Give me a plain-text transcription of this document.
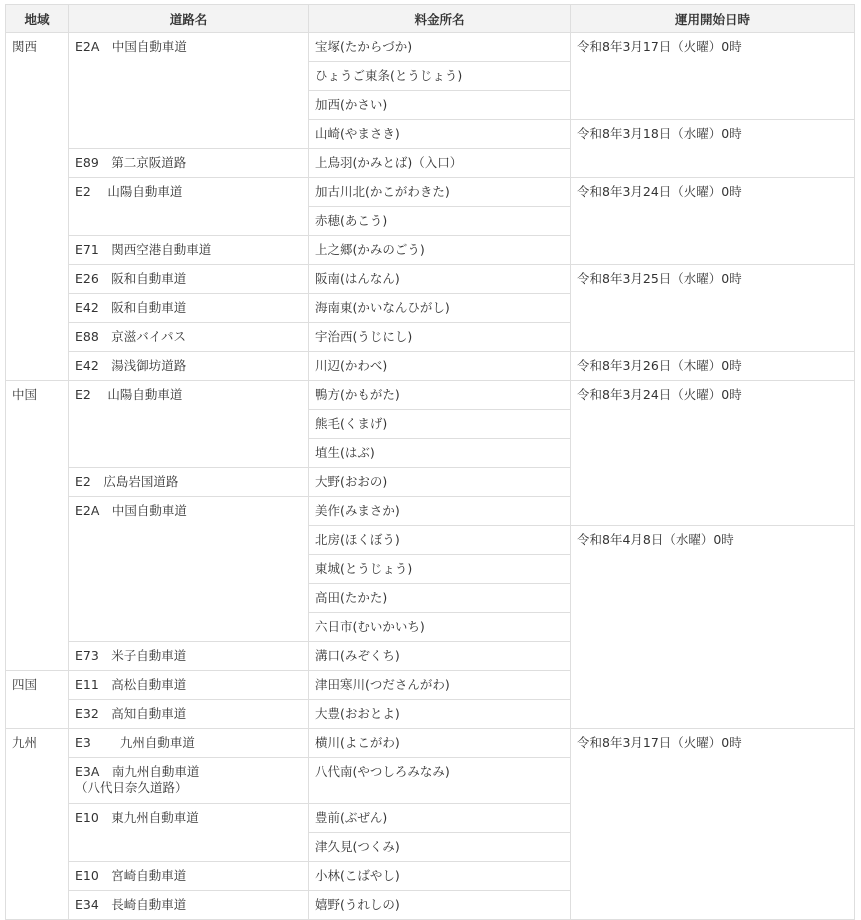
地域	道路名	料金所名	運用開始日時
関西	E2A　中国自動車道	宝塚(たからづか)	令和8年3月17日（火曜）0時
		ひょうご東条(とうじょう)	
		加西(かさい)	
		山崎(やまさき)	令和8年3月18日（水曜）0時

	E89　第二京阪道路	上鳥羽(かみとば)（入口）	

	E2　 山陽自動車道	加古川北(かこがわきた)	令和8年3月24日（火曜）0時
		赤穂(あこう)	

	E71　関西空港自動車道	上之郷(かみのごう)	

	E26　阪和自動車道	阪南(はんなん)	令和8年3月25日（水曜）0時

	E42　阪和自動車道	海南東(かいなんひがし)	

	E88　京滋バイパス	宇治西(うじにし)	

	E42　湯浅御坊道路	川辺(かわべ)	令和8年3月26日（木曜）0時
中国	E2　 山陽自動車道	鴨方(かもがた)	令和8年3月24日（火曜）0時
		熊毛(くまげ)	
		埴生(はぶ)	

	E2　広島岩国道路	大野(おおの)	

	E2A　中国自動車道	美作(みまさか)	
		北房(ほくぼう)	令和8年4月8日（水曜）0時
		東城(とうじょう)	
		高田(たかた)	
		六日市(むいかいち)	

	E73　米子自動車道	溝口(みぞくち)	
四国	E11　高松自動車道	津田寒川(つださんがわ)	

	E32　高知自動車道	大豊(おおとよ)	
九州	E3　 　九州自動車道	横川(よこがわ)	令和8年3月17日（火曜）0時

	E3A　南九州自動車道
（八代日奈久道路）	八代南(やつしろみなみ)	

	E10　東九州自動車道	豊前(ぶぜん)	
		津久見(つくみ)	

	E10　宮崎自動車道	小林(こばやし)	

	E34　長崎自動車道	嬉野(うれしの)	
